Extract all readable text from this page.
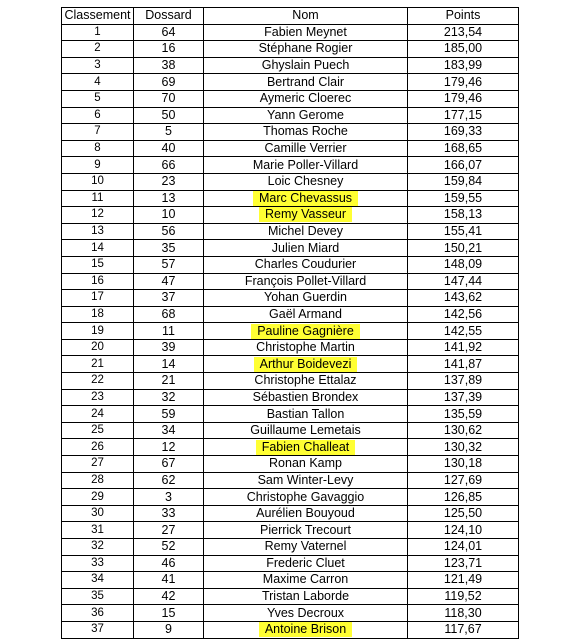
Classement	Dossard	Nom	Points
1	64	Fabien Meynet	213,54
2	16	Stéphane Rogier	185,00
3	38	Ghyslain Puech	183,99
4	69	Bertrand Clair	179,46
5	70	Aymeric Cloerec	179,46
6	50	Yann Gerome	177,15
7	5	Thomas Roche	169,33
8	40	Camille Verrier	168,65
9	66	Marie Poller-Villard	166,07
10	23	Loic Chesney	159,84
11	13	Marc Chevassus	159,55
12	10	Remy Vasseur	158,13
13	56	Michel Devey	155,41
14	35	Julien Miard	150,21
15	57	Charles Coudurier	148,09
16	47	François Pollet-Villard	147,44
17	37	Yohan Guerdin	143,62
18	68	Gaël Armand	142,56
19	11	Pauline Gagnière	142,55
20	39	Christophe Martin	141,92
21	14	Arthur Boidevezi	141,87
22	21	Christophe Ettalaz	137,89
23	32	Sébastien Brondex	137,39
24	59	Bastian Tallon	135,59
25	34	Guillaume Lemetais	130,62
26	12	Fabien Challeat	130,32
27	67	Ronan Kamp	130,18
28	62	Sam Winter-Levy	127,69
29	3	Christophe Gavaggio	126,85
30	33	Aurélien Bouyoud	125,50
31	27	Pierrick Trecourt	124,10
32	52	Remy Vaternel	124,01
33	46	Frederic Cluet	123,71
34	41	Maxime Carron	121,49
35	42	Tristan Laborde	119,52
36	15	Yves Decroux	118,30
37	9	Antoine Brison	117,67
